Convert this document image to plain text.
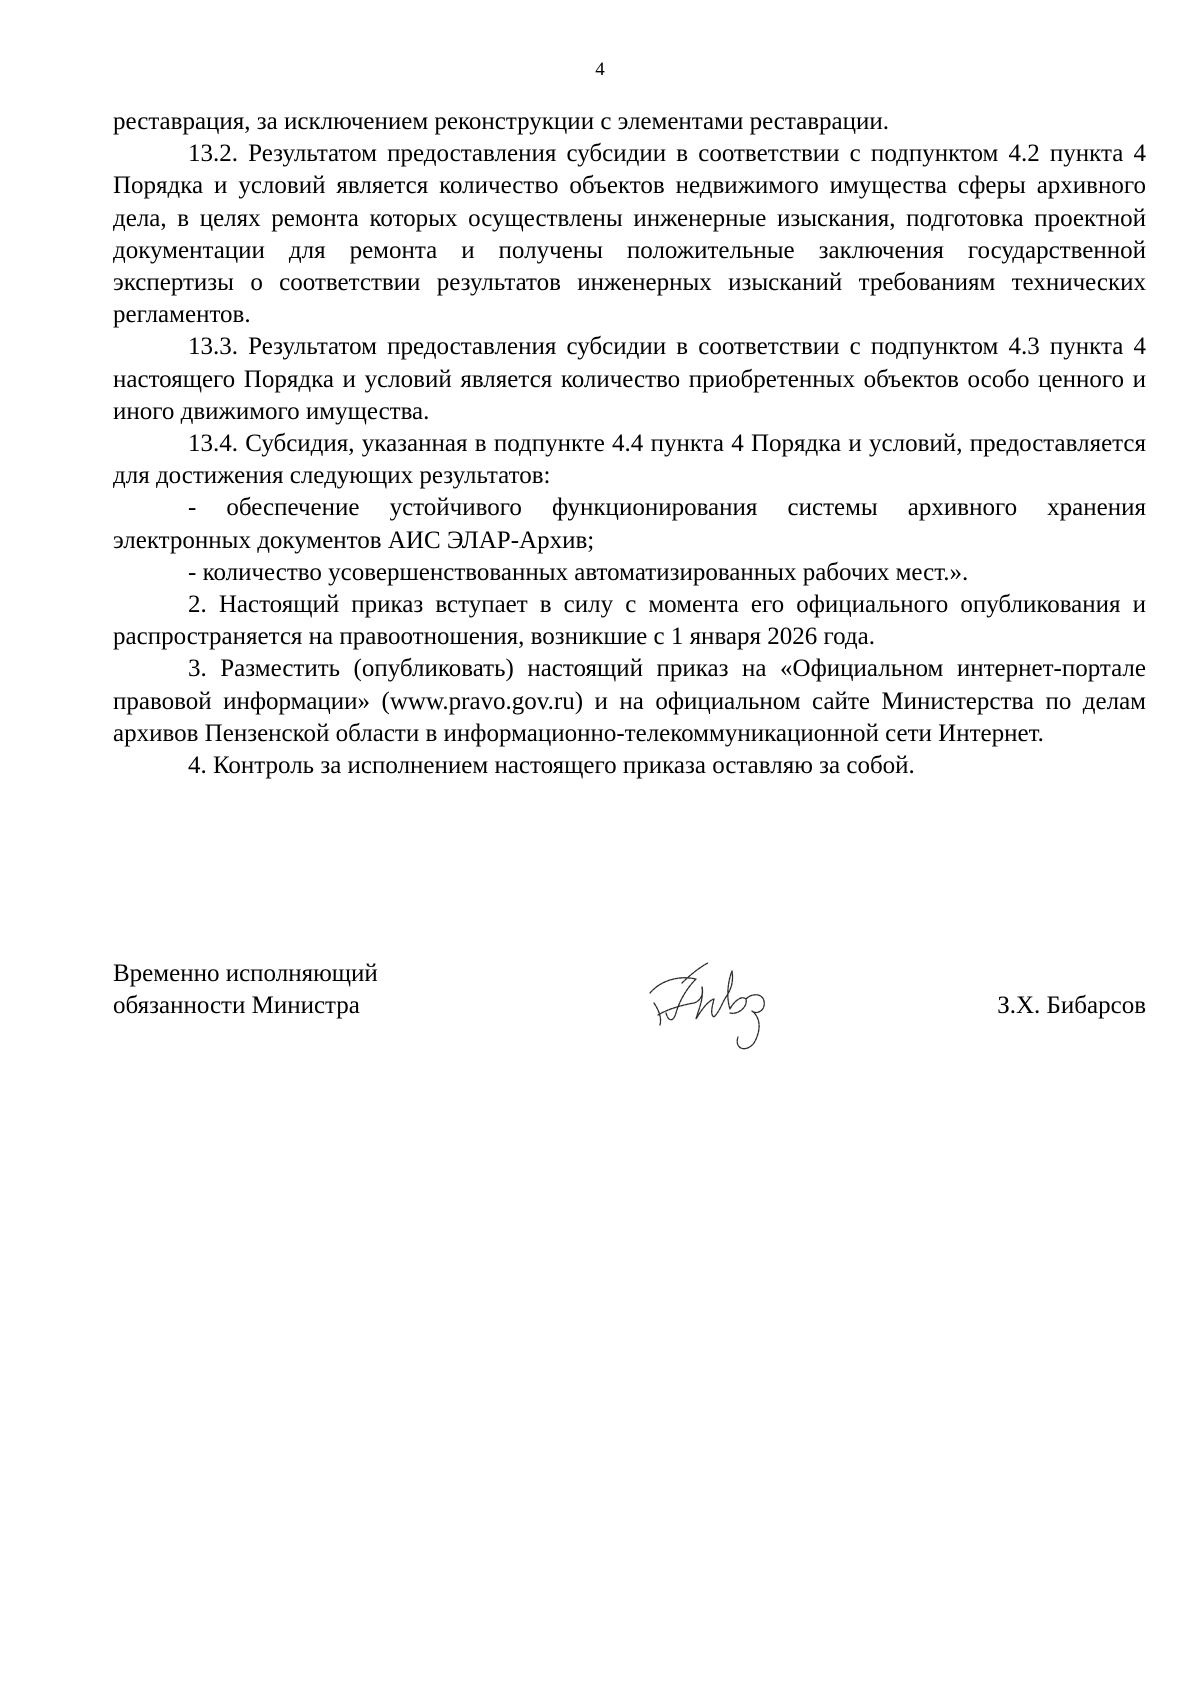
4

реставрация, за исключением реконструкции с элементами реставрации.

13.2. Результатом предоставления субсидии в соответствии с подпунктом 4.2 пункта 4 Порядка и условий является количество объектов недвижимого имущества сферы архивного дела, в целях ремонта которых осуществлены инженерные изыскания, подготовка проектной документации для ремонта и получены положительные заключения государственной экспертизы о соответствии результатов инженерных изысканий требованиям технических регламентов.

13.3. Результатом предоставления субсидии в соответствии с подпунктом 4.3 пункта 4 настоящего Порядка и условий является количество приобретенных объектов особо ценного и иного движимого имущества.

13.4. Субсидия, указанная в подпункте 4.4 пункта 4 Порядка и условий, предоставляется для достижения следующих результатов:

- обеспечение устойчивого функционирования системы архивного хранения электронных документов АИС ЭЛАР-Архив;

- количество усовершенствованных автоматизированных рабочих мест.».

2. Настоящий приказ вступает в силу с момента его официального опубликования и распространяется на правоотношения, возникшие с 1 января 2026 года.

3. Разместить (опубликовать) настоящий приказ на «Официальном интернет-портале правовой информации» (www.pravo.gov.ru) и на официальном сайте Министерства по делам архивов Пензенской области в информационно-телекоммуникационной сети Интернет.

4. Контроль за исполнением настоящего приказа оставляю за собой.

Временно исполняющий
обязанности Министра	З.Х. Бибарсов
